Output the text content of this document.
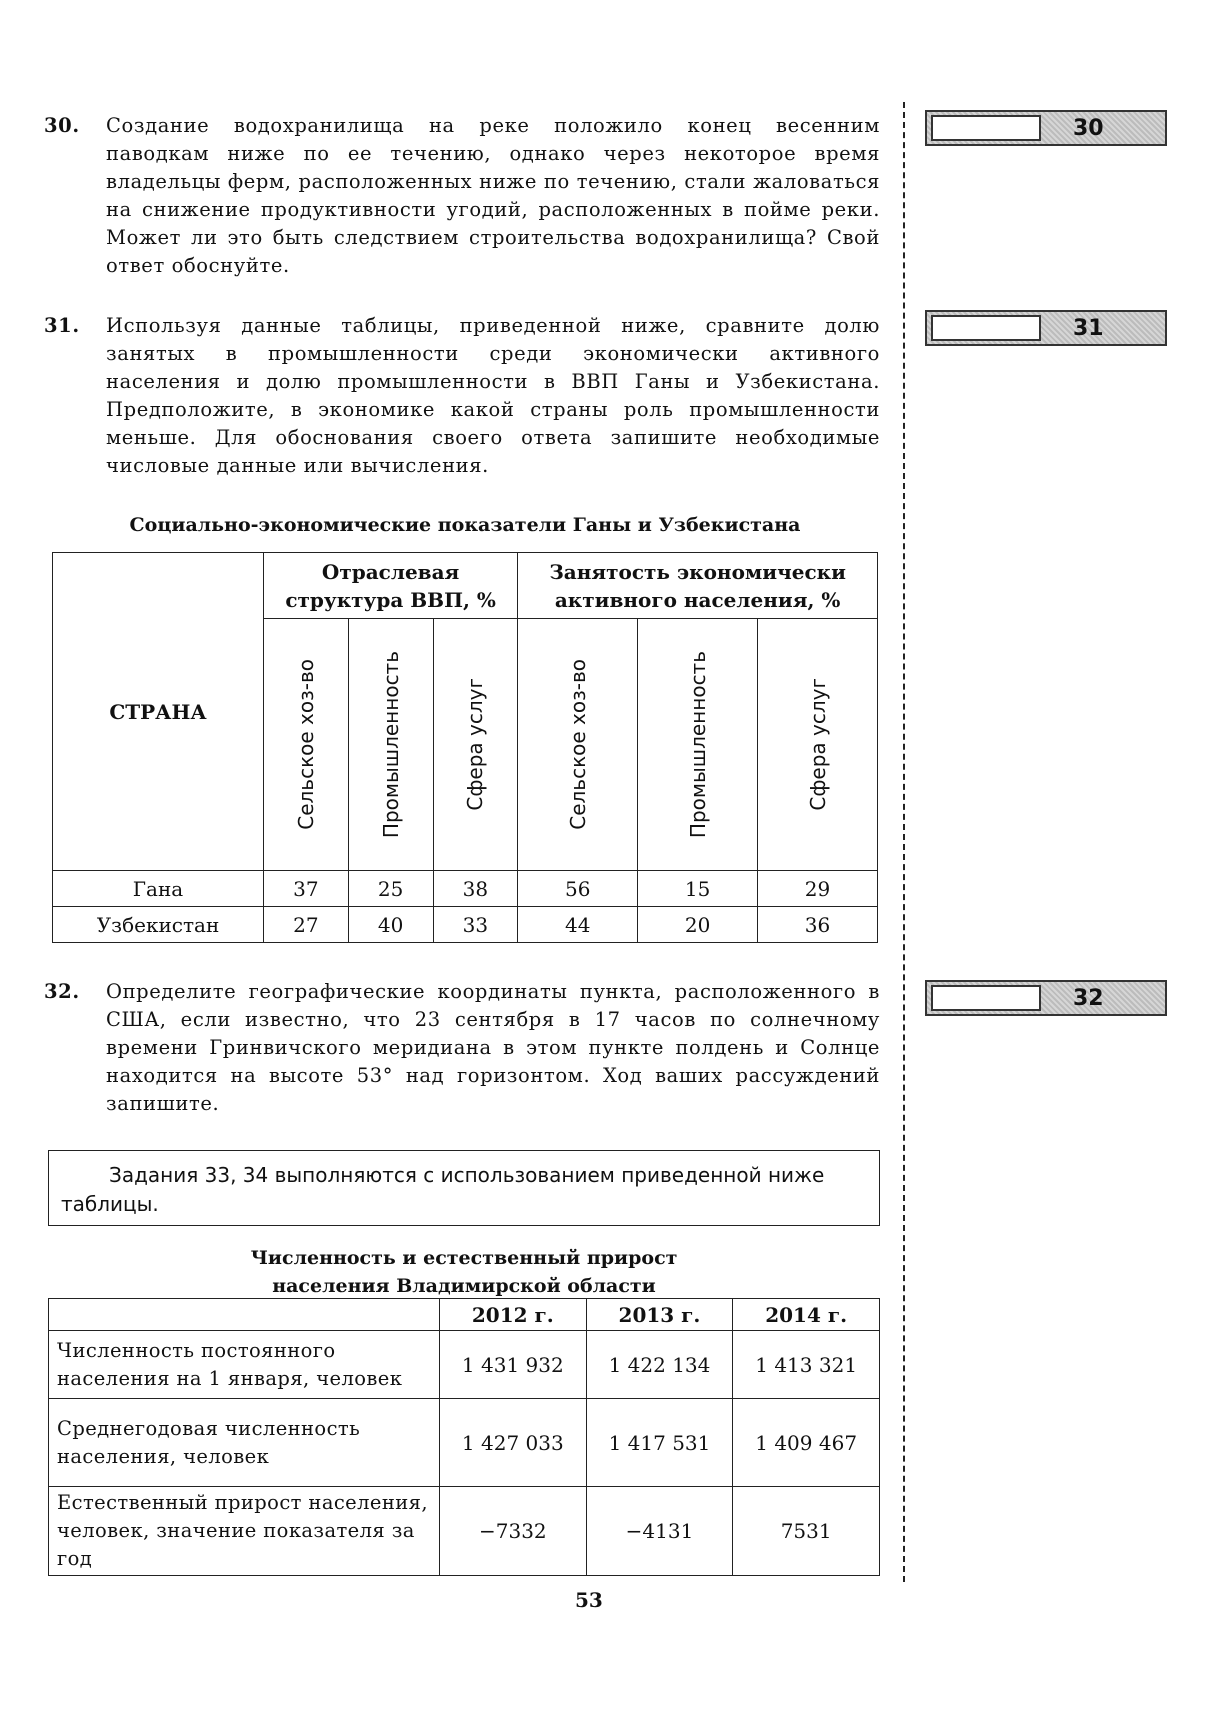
30. Создание водохранилища на реке положило конец весенним паводкам ниже по ее течению, однако через некоторое время владельцы ферм, расположенных ниже по течению, стали жаловаться на снижение продуктивности угодий, расположенных в пойме реки. Может ли это быть следствием строительства водохранилища? Свой ответ обоснуйте.
31. Используя данные таблицы, приведенной ниже, сравните долю занятых в промышленности среди экономически активного населения и долю промышленности в ВВП Ганы и Узбекистана. Предположите, в экономике какой страны роль промышленности меньше. Для обоснования своего ответа запишите необходимые числовые данные или вычисления.
30
31
32
Социально-экономические показатели Ганы и Узбекистана
СТРАНА	Отраслевая структура ВВП, %			Занятость экономически активного населения, %		

	Сельское хоз-во	Промышленность	Сфера услуг	Сельское хоз-во	Промышленность	Сфера услуг

Гана	37	25	38	56	15	29
Узбекистан	27	40	33	44	20	36
32. Определите географические координаты пункта, расположенного в США, если известно, что 23 сентября в 17 часов по солнечному времени Гринвичского меридиана в этом пункте полдень и Солнце находится на высоте 53° над горизонтом. Ход ваших рассуждений запишите.
Задания 33, 34 выполняются с использованием приведенной ниже таблицы.
Численность и естественный прирост
населения Владимирской области
	2012 г.	2013 г.	2014 г.
Численность постоянного населения на 1 января, человек	1 431 932	1 422 134	1 413 321
Среднегодовая численность населения, человек	1 427 033	1 417 531	1 409 467
Естественный прирост населения, человек, значение показателя за год	−7332	−4131	7531
53
